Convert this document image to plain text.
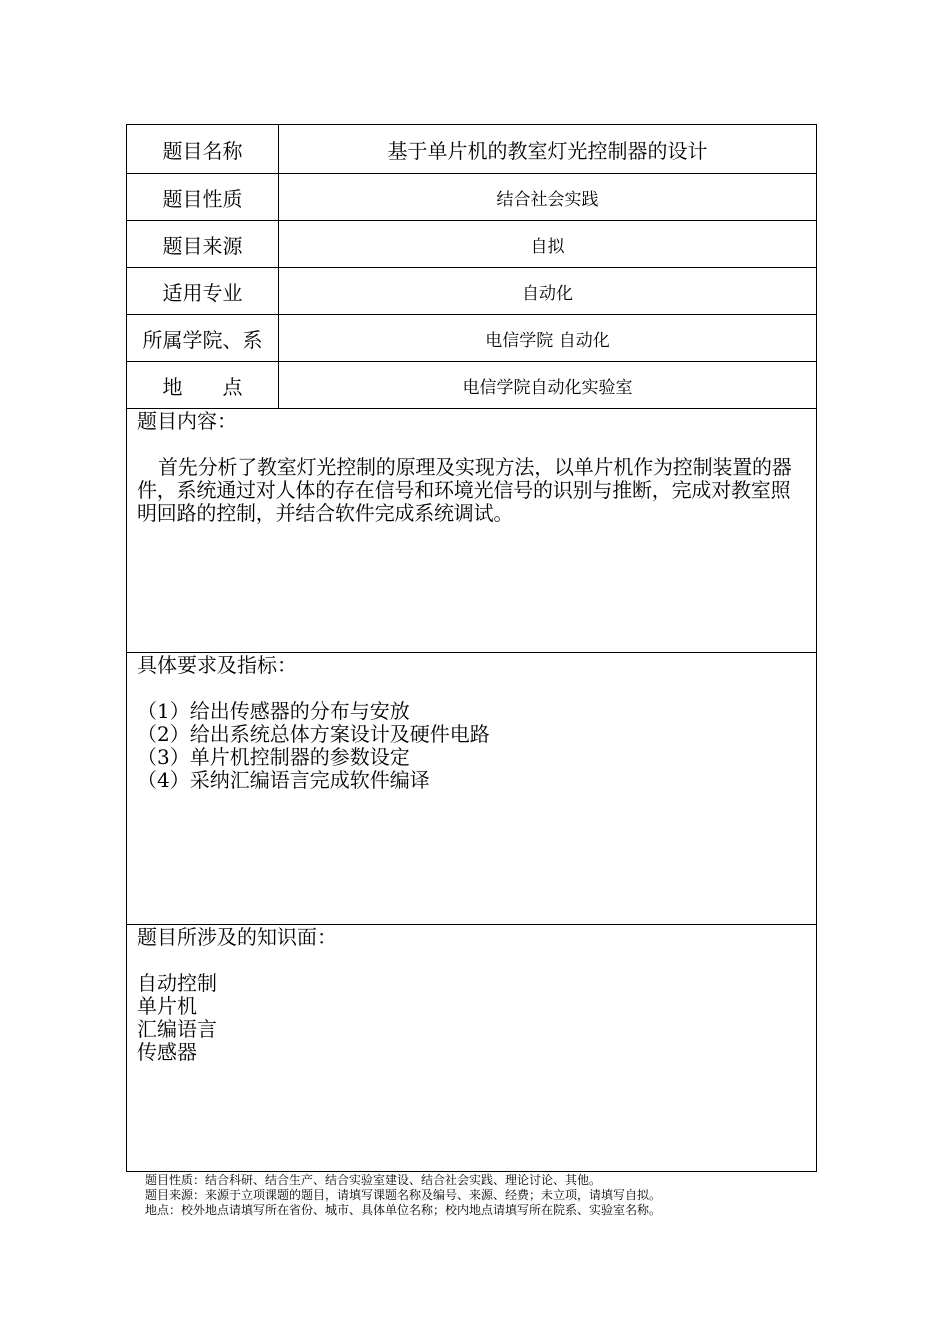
题目名称	基于单片机的教室灯光控制器的设计
题目性质	结合社会实践
题目来源	自拟
适用专业	自动化
所属学院、系	电信学院 自动化
地　　点	电信学院自动化实验室
题目内容：
首先分析了教室灯光控制的原理及实现方法，以单片机作为控制装置的器件，系统通过对人体的存在信号和环境光信号的识别与推断，完成对教室照明回路的控制，并结合软件完成系统调试。
具体要求及指标：
（1）给出传感器的分布与安放
（2）给出系统总体方案设计及硬件电路
（3）单片机控制器的参数设定
（4）采纳汇编语言完成软件编译
题目所涉及的知识面：
自动控制
单片机
汇编语言
传感器
题目性质：结合科研、结合生产、结合实验室建设、结合社会实践、理论讨论、其他。
题目来源：来源于立项课题的题目，请填写课题名称及编号、来源、经费；未立项，请填写自拟。
地点：校外地点请填写所在省份、城市、具体单位名称；校内地点请填写所在院系、实验室名称。
